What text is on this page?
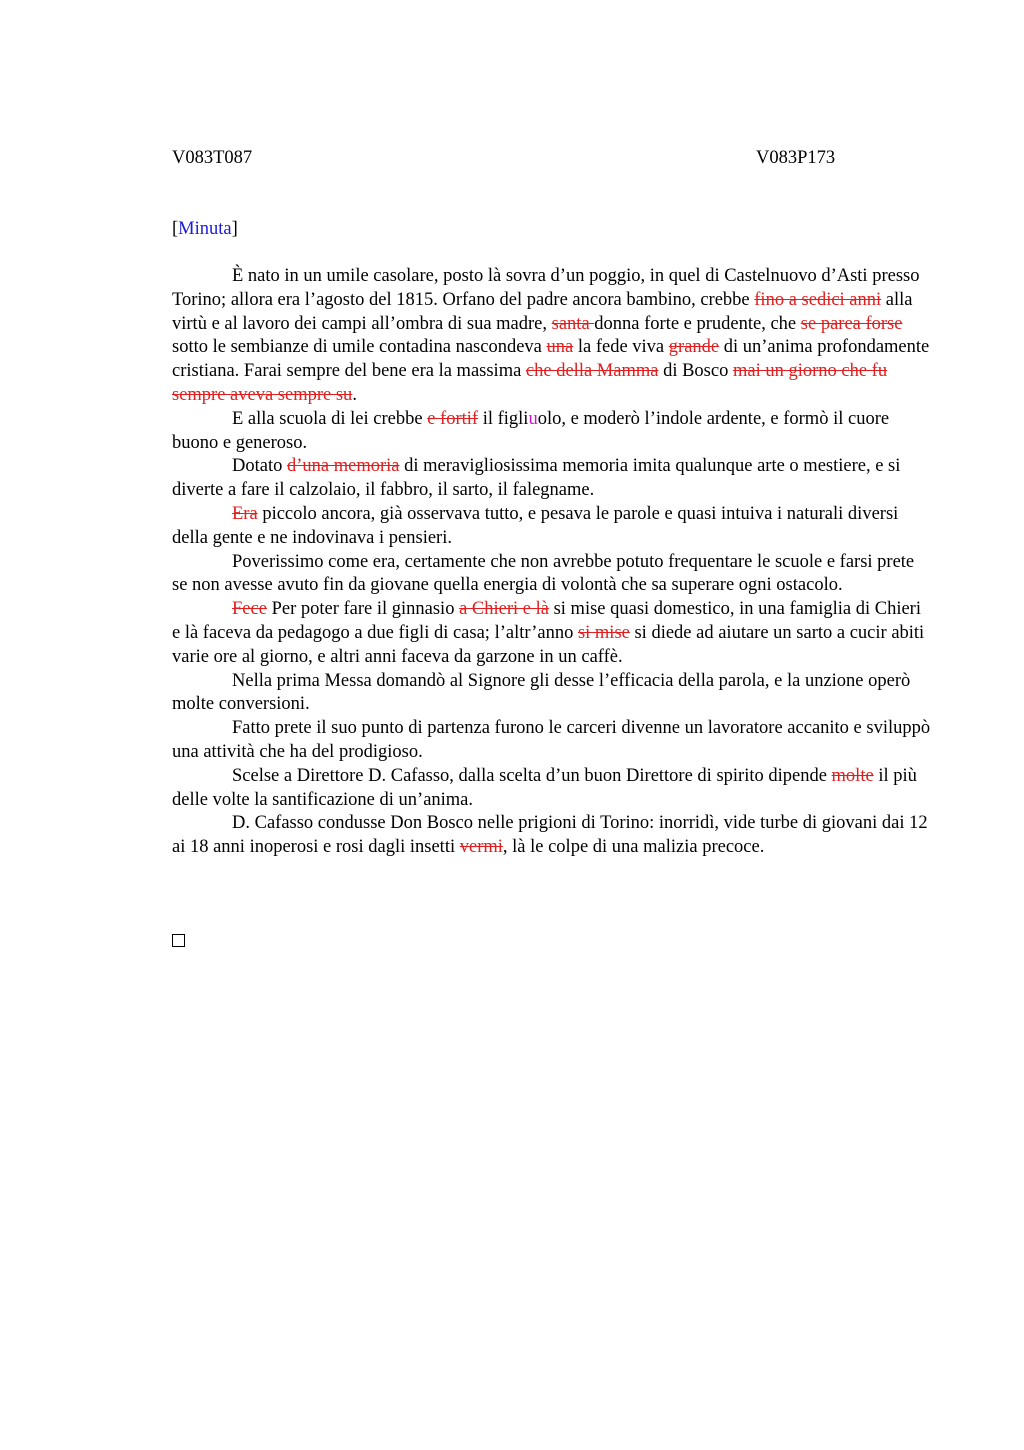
V083T087	V083P173
[Minuta]

È nato in un umile casolare, posto là sovra d’un poggio, in quel di Castelnuovo d’Asti presso Torino; allora era l’agosto del 1815. Orfano del padre ancora bambino, crebbe fino a sedici anni alla virtù e al lavoro dei campi all’ombra di sua madre, santa donna forte e prudente, che se parea forse sotto le sembianze di umile contadina nascondeva una la fede viva grande di un’anima profondamente cristiana. Farai sempre del bene era la massima che della Mamma di Bosco mai un giorno che fu sempre aveva sempre su.

E alla scuola di lei crebbe e fortif il figliuolo, e moderò l’indole ardente, e formò il cuore buono e generoso.

Dotato d’una memoria di meravigliosissima memoria imita qualunque arte o mestiere, e si diverte a fare il calzolaio, il fabbro, il sarto, il falegname.

Era piccolo ancora, già osservava tutto, e pesava le parole e quasi intuiva i naturali diversi della gente e ne indovinava i pensieri.

Poverissimo come era, certamente che non avrebbe potuto frequentare le scuole e farsi prete se non avesse avuto fin da giovane quella energia di volontà che sa superare ogni ostacolo.

Fece Per poter fare il ginnasio a Chieri e là si mise quasi domestico, in una famiglia di Chieri e là faceva da pedagogo a due figli di casa; l’altr’anno si mise si diede ad aiutare un sarto a cucir abiti varie ore al giorno, e altri anni faceva da garzone in un caffè.

Nella prima Messa domandò al Signore gli desse l’efficacia della parola, e la unzione operò molte conversioni.

Fatto prete il suo punto di partenza furono le carceri divenne un lavoratore accanito e sviluppò una attività che ha del prodigioso.

Scelse a Direttore D. Cafasso, dalla scelta d’un buon Direttore di spirito dipende molte il più delle volte la santificazione di un’anima.

D. Cafasso condusse Don Bosco nelle prigioni di Torino: inorridì, vide turbe di giovani dai 12 ai 18 anni inoperosi e rosi dagli insetti vermi, là le colpe di una malizia precoce.
